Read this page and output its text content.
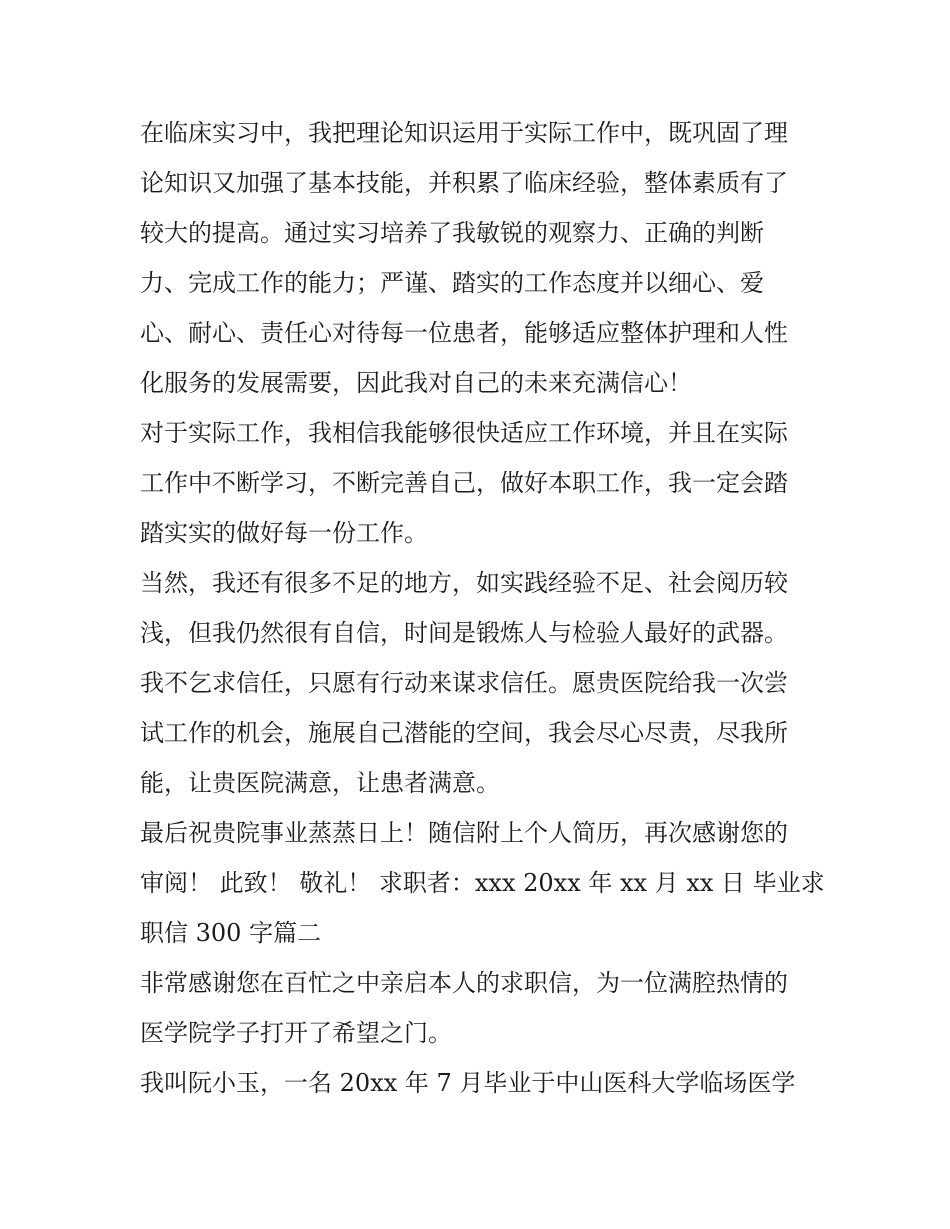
在临床实习中，我把理论知识运用于实际工作中，既巩固了理
论知识又加强了基本技能，并积累了临床经验，整体素质有了
较大的提高。通过实习培养了我敏锐的观察力、正确的判断
力、完成工作的能力；严谨、踏实的工作态度并以细心、爱
心、耐心、责任心对待每一位患者，能够适应整体护理和人性
化服务的发展需要，因此我对自己的未来充满信心！
对于实际工作，我相信我能够很快适应工作环境，并且在实际
工作中不断学习，不断完善自己，做好本职工作，我一定会踏
踏实实的做好每一份工作。
当然，我还有很多不足的地方，如实践经验不足、社会阅历较
浅，但我仍然很有自信，时间是锻炼人与检验人最好的武器。
我不乞求信任，只愿有行动来谋求信任。愿贵医院给我一次尝
试工作的机会，施展自己潜能的空间，我会尽心尽责，尽我所
能，让贵医院满意，让患者满意。
最后祝贵院事业蒸蒸日上！随信附上个人简历，再次感谢您的
审阅！ 此致！ 敬礼！ 求职者：xxx 20xx 年 xx 月 xx 日 毕业求
职信 300 字篇二
非常感谢您在百忙之中亲启本人的求职信，为一位满腔热情的
医学院学子打开了希望之门。
我叫阮小玉，一名 20xx 年 7 月毕业于中山医科大学临场医学
